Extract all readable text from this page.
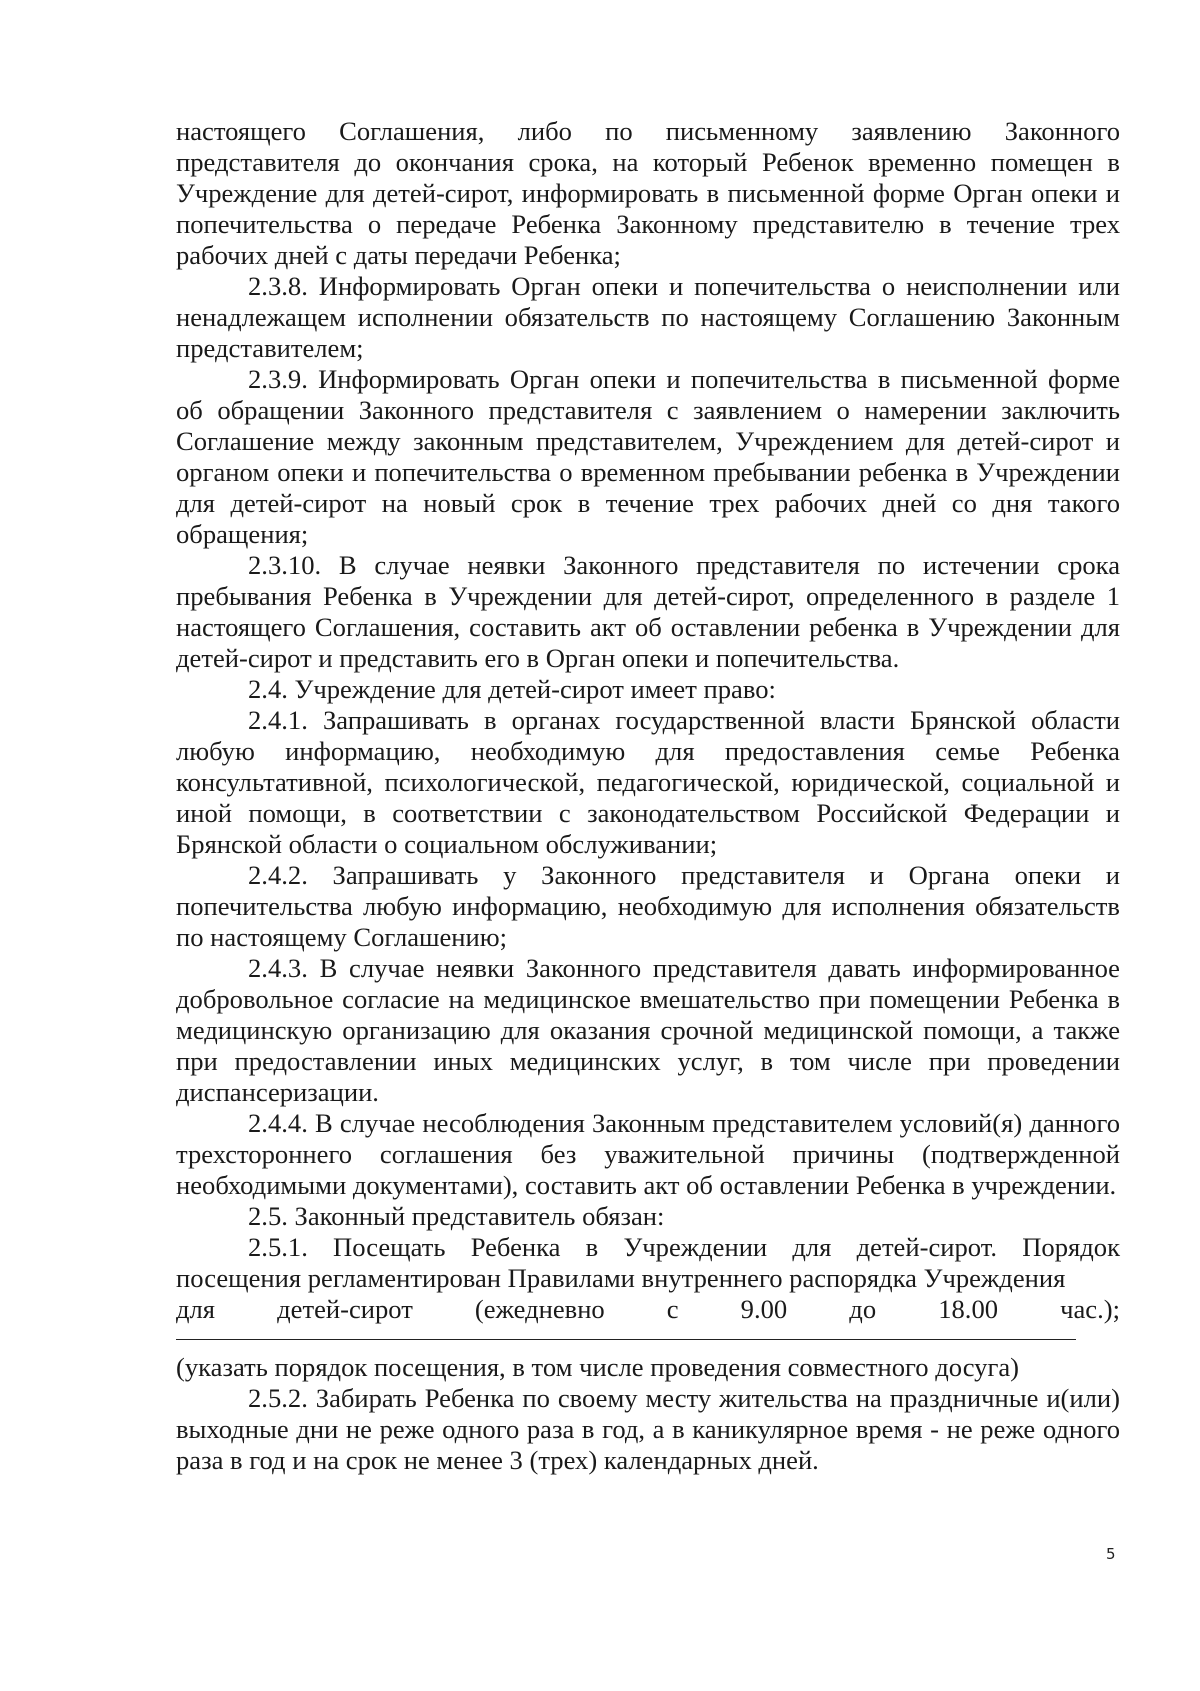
настоящего Соглашения, либо по письменному заявлению Законного представителя до окончания срока, на который Ребенок временно помещен в Учреждение для детей-сирот, информировать в письменной форме Орган опеки и попечительства о передаче Ребенка Законному представителю в течение трех рабочих дней с даты передачи Ребенка;

2.3.8. Информировать Орган опеки и попечительства о неисполнении или ненадлежащем исполнении обязательств по настоящему Соглашению Законным представителем;

2.3.9. Информировать Орган опеки и попечительства в письменной форме об обращении Законного представителя с заявлением о намерении заключить Соглашение между законным представителем, Учреждением для детей-сирот и органом опеки и попечительства о временном пребывании ребенка в Учреждении для детей-сирот на новый срок в течение трех рабочих дней со дня такого обращения;

2.3.10. В случае неявки Законного представителя по истечении срока пребывания Ребенка в Учреждении для детей-сирот, определенного в разделе 1 настоящего Соглашения, составить акт об оставлении ребенка в Учреждении для детей-сирот и представить его в Орган опеки и попечительства.

2.4. Учреждение для детей-сирот имеет право:

2.4.1. Запрашивать в органах государственной власти Брянской области любую информацию, необходимую для предоставления семье Ребенка консультативной, психологической, педагогической, юридической, социальной и иной помощи, в соответствии с законодательством Российской Федерации и Брянской области о социальном обслуживании;

2.4.2. Запрашивать у Законного представителя и Органа опеки и попечительства любую информацию, необходимую для исполнения обязательств по настоящему Соглашению;

2.4.3. В случае неявки Законного представителя давать информированное добровольное согласие на медицинское вмешательство при помещении Ребенка в медицинскую организацию для оказания срочной медицинской помощи, а также при предоставлении иных медицинских услуг, в том числе при проведении диспансеризации.

2.4.4. В случае несоблюдения Законным представителем условий(я) данного трехстороннего соглашения без уважительной причины (подтвержденной необходимыми документами), составить акт об оставлении Ребенка в учреждении.

2.5. Законный представитель обязан:

2.5.1. Посещать Ребенка в Учреждении для детей-сирот. Порядок посещения регламентирован Правилами внутреннего распорядка Учреждения

для детей-сирот (ежедневно с 9.00 до 18.00 час.);

(указать порядок посещения, в том числе проведения совместного досуга)

2.5.2. Забирать Ребенка по своему месту жительства на праздничные и(или) выходные дни не реже одного раза в год, а в каникулярное время - не реже одного раза в год и на срок не менее 3 (трех) календарных дней.

5
